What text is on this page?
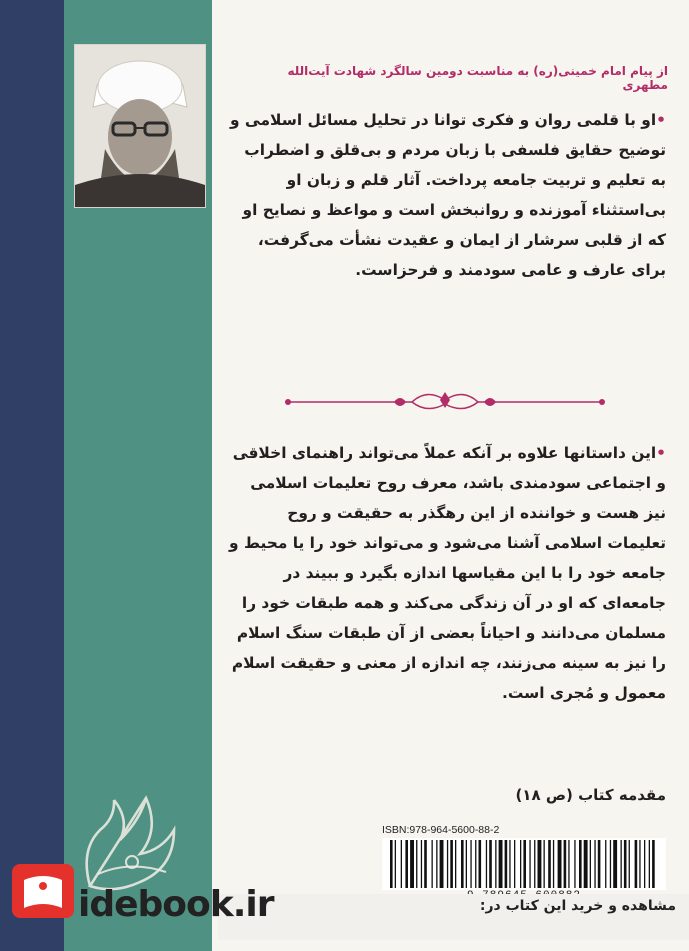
از پیام امام خمینی(ره) به مناسبت دومین سالگرد شهادت آیت‌الله مطهری
•او با قلمی روان و فکری توانا در تحلیل مسائل اسلامی و توضیح حقایق فلسفی با زبان مردم و بی‌قلق و اضطراب به تعلیم و تربیت جامعه پرداخت. آثار قلم و زبان او بی‌استثناء آموزنده و روانبخش است و مواعظ و نصایح او که از قلبی سرشار از ایمان و عقیدت نشأت می‌گرفت، برای عارف و عامی سودمند و فرحزاست.
•این داستانها علاوه بر آنکه عملاً می‌تواند راهنمای اخلاقی و اجتماعی سودمندی باشد، معرف روح تعلیمات اسلامی نیز هست و خواننده از این رهگذر به حقیقت و روح تعلیمات اسلامی آشنا می‌شود و می‌تواند خود را یا محیط و جامعه خود را با این مقیاسها اندازه بگیرد و ببیند در جامعه‌ای که او در آن زندگی می‌کند و همه طبقات خود را مسلمان می‌دانند و احیاناً بعضی از آن طبقات سنگ اسلام را نیز به سینه می‌زنند، چه اندازه از معنی و حقیقت اسلام معمول و مُجری است.
مقدمه کتاب (ص ۱۸)
ISBN:978-964-5600-88-2
idebook.ir	مشاهده و خرید این کتاب در:
